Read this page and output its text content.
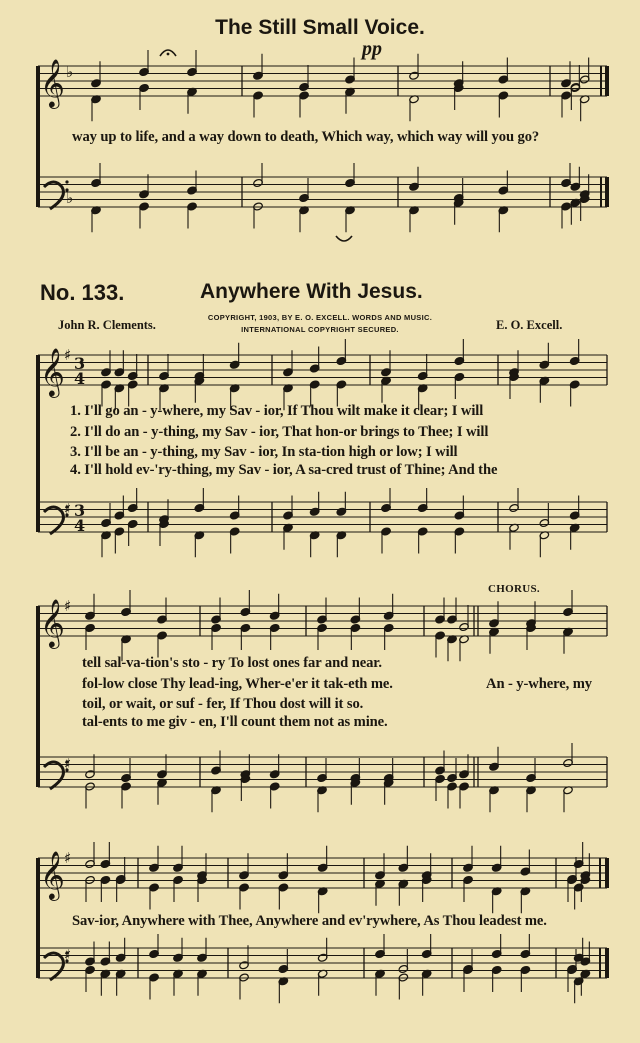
𝄞 ♭
♭
𝄞 ♯
♯
3
4
3
4
𝄞 ♯
♯
𝄞 ♯
♯
The Still Small Voice.
pp
way up to life, and a way down to death, Which way, which way will you go?
No. 133.	Anywhere With Jesus.
COPYRIGHT, 1903, BY E. O. EXCELL. WORDS AND MUSIC.
INTERNATIONAL COPYRIGHT SECURED.
John R. Clements.	E. O. Excell.
1. I'll go an - y-where, my Sav - ior, If Thou wilt make it clear; I will
2. I'll do an - y-thing, my Sav - ior, That hon-or brings to Thee; I will
3. I'll be an - y-thing, my Sav - ior, In sta-tion high or low; I will
4. I'll hold ev-'ry-thing, my Sav - ior, A sa-cred trust of Thine; And the
CHORUS.
tell sal-va-tion's sto - ry To lost ones far and near.
fol-low close Thy lead-ing, Wher-e'er it tak-eth me.
toil, or wait, or suf - fer, If Thou dost will it so.
tal-ents to me giv - en, I'll count them not as mine.
An - y-where, my
Sav-ior, Anywhere with Thee, Anywhere and ev'rywhere, As Thou leadest me.
